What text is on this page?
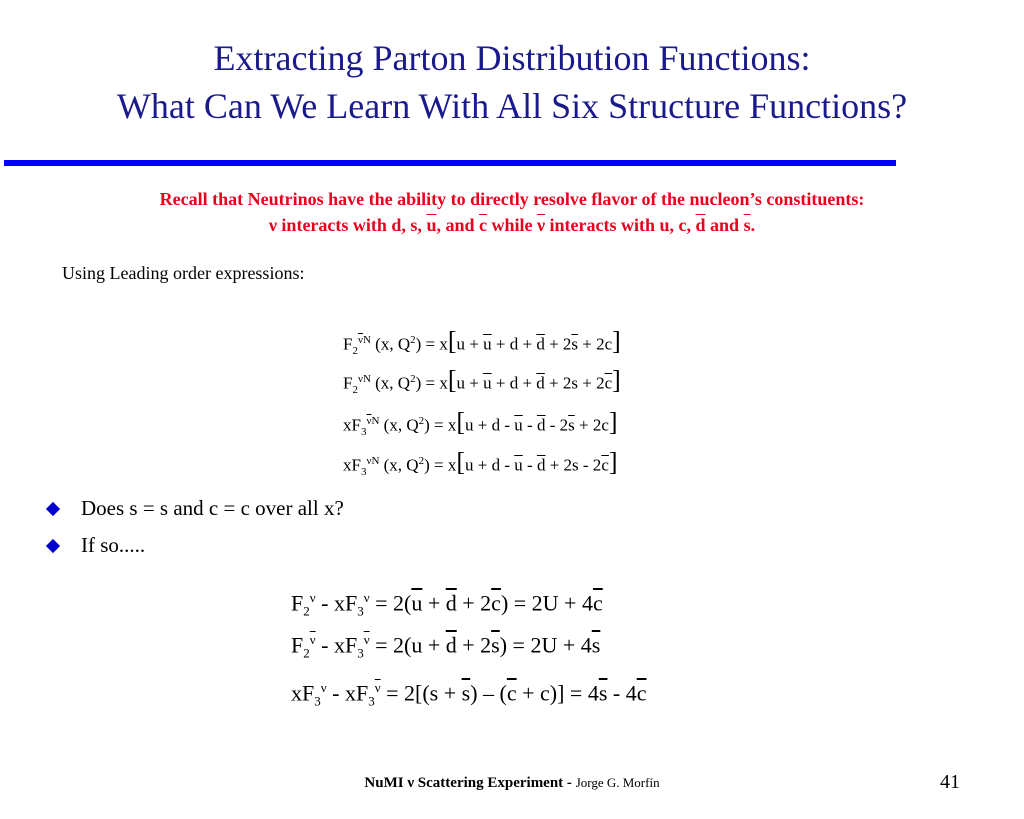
Extracting Parton Distribution Functions:
What Can We Learn With All Six Structure Functions?
Recall that Neutrinos have the ability to directly resolve flavor of the nucleon’s constituents:
ν interacts with d, s, $\overline{u}$, and $\overline{c}$ while $\overline{\nu}$ interacts with u, c, $\overline{d}$ and $\overline{s}$.
Using Leading order expressions:
$F_2^{\overline{\nu}N}$ (x, $Q^2) = x[u + \overline{u} + d + \overline{d} + 2\overline{s} + 2c]$
$F_2^{\nu N}$ (x, $Q^2) = x[u + \overline{u} + d + \overline{d} + 2s + 2\overline{c}]$
$xF_3^{\overline{\nu}N}$ (x, $Q^2) = x[u + d - \overline{u} - \overline{d} - 2\overline{s} + 2c]$
$xF_3^{\nu N}$ (x, $Q^2) = x[u + d - \overline{u} - \overline{d} + 2s - 2\overline{c}]$
Does s = s and c = c over all x?
If so.....
$F_2^\nu - xF_3^\nu = 2(\overline{u} + \overline{d} + 2\overline{c}) = 2U + 4\overline{c}$
$F_2^{\overline{\nu}} - xF_3^{\overline{\nu}} = 2(u + \overline{d} + 2\overline{s}) = 2U + 4\overline{s}$
$xF_3^\nu - xF_3^{\overline{\nu}} = 2[(s + \overline{s}) - (\overline{c} + c)] = 4\overline{s} - 4\overline{c}$
NuMI ν Scattering Experiment - Jorge G. Morfín	41
